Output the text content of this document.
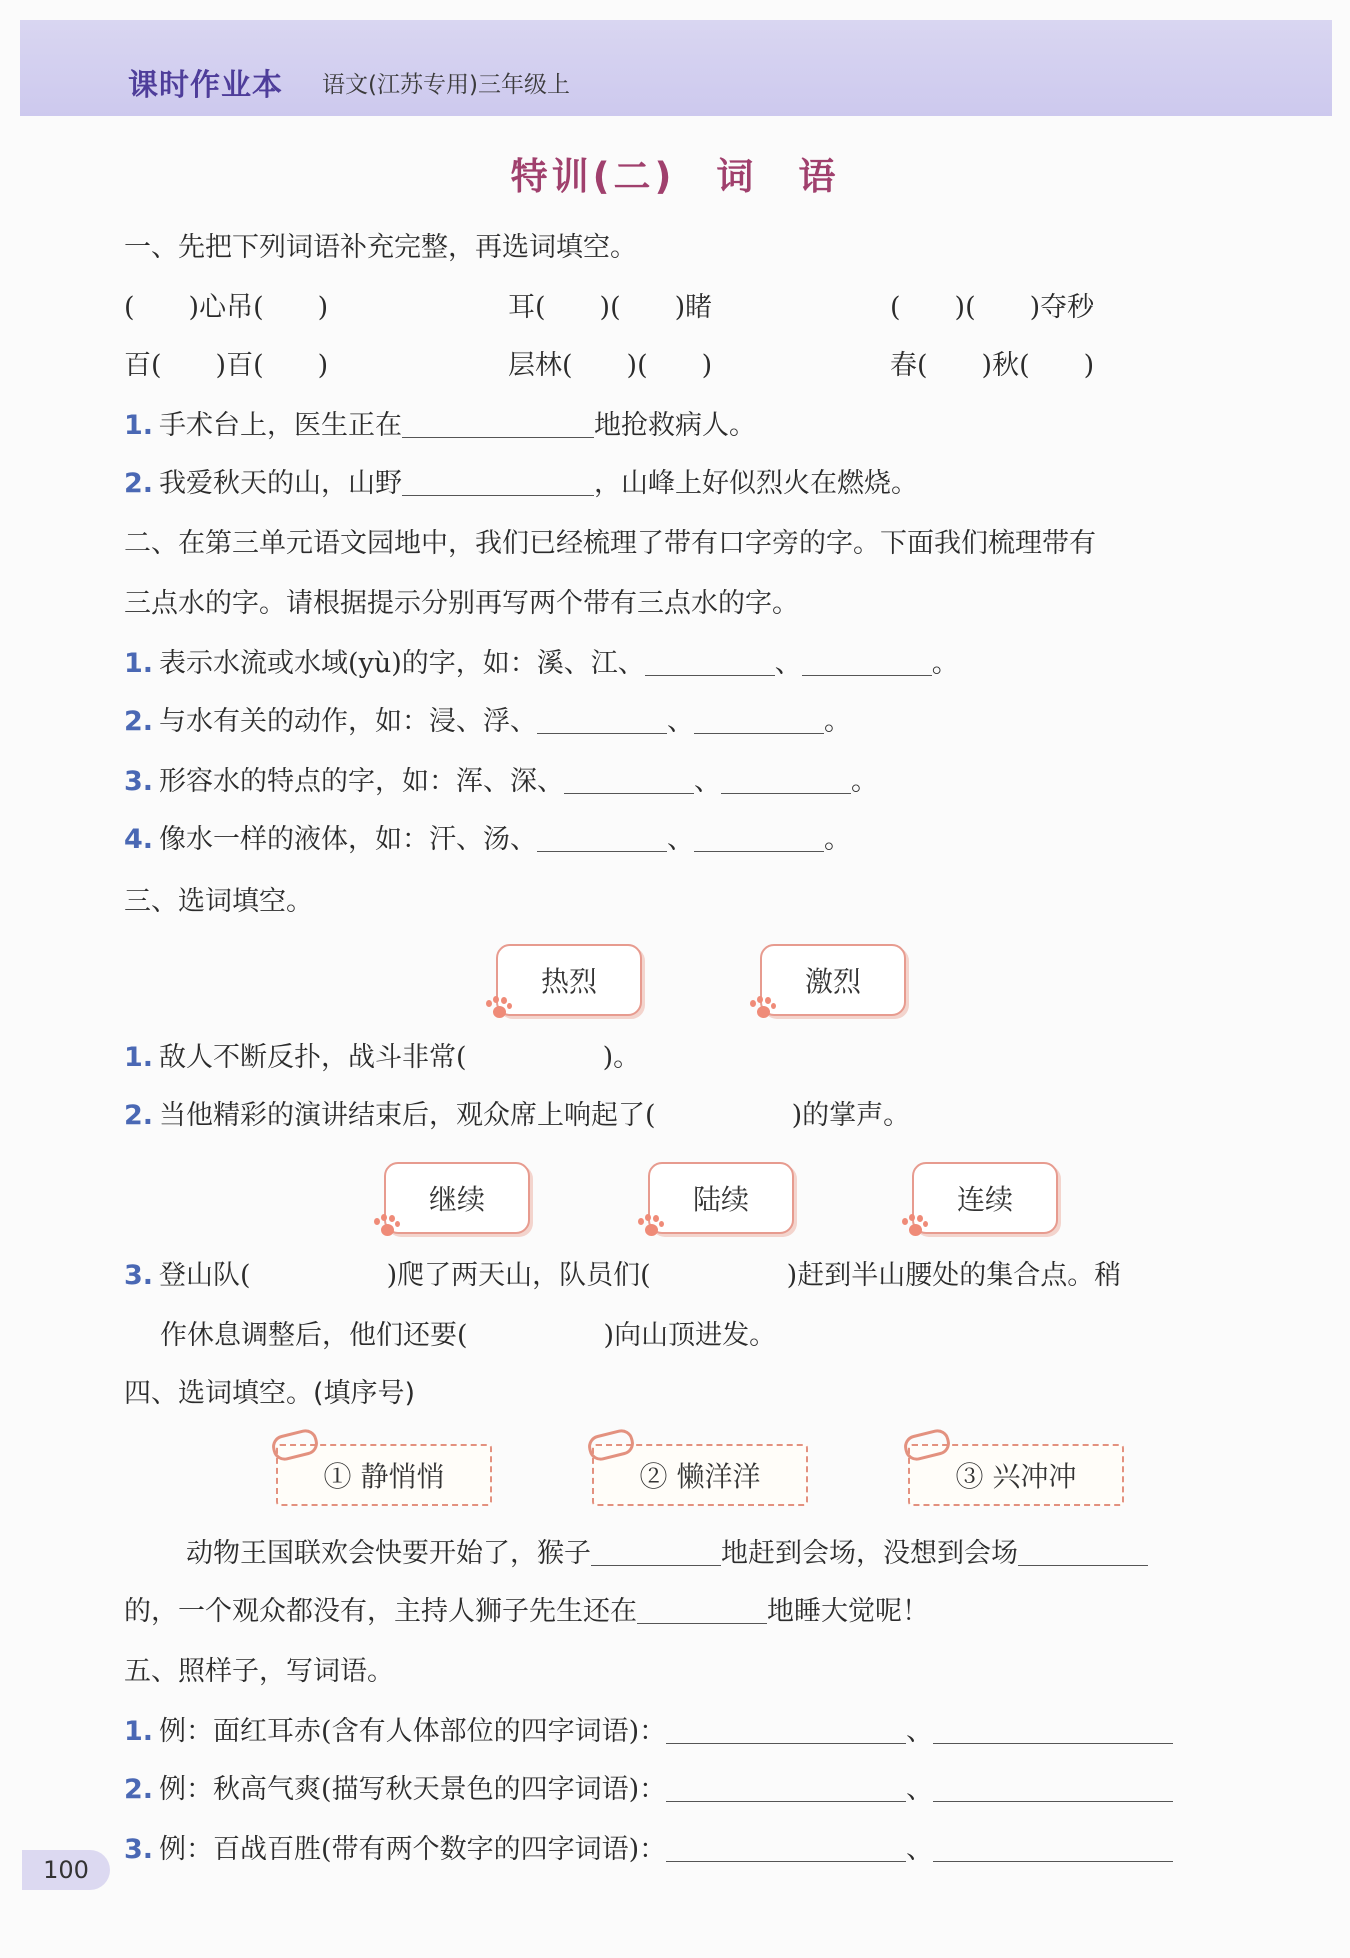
课时作业本 语文(江苏专用)三年级上
特训(二)　词　语
一、先把下列词语补充完整，再选词填空。
(　　)心吊(　　)	耳(　　)(　　)睹	(　　)(　　)夺秒
百(　　)百(　　)	层林(　　)(　　)	春(　　)秋(　　)
1. 手术台上，医生正在	地抢救病人。
2. 我爱秋天的山，山野	，山峰上好似烈火在燃烧。
二、在第三单元语文园地中，我们已经梳理了带有口字旁的字。下面我们梳理带有
三点水的字。请根据提示分别再写两个带有三点水的字。
1. 表示水流或水域(yù)的字，如：溪、江、	、	。
2. 与水有关的动作，如：浸、浮、	、	。
3. 形容水的特点的字，如：浑、深、	、	。
4. 像水一样的液体，如：汗、汤、	、	。
三、选词填空。
热烈	激烈
1. 敌人不断反扑，战斗非常(	)。
2. 当他精彩的演讲结束后，观众席上响起了(	)的掌声。
继续	陆续	连续
3. 登山队(	)爬了两天山，队员们(	)赶到半山腰处的集合点。稍
作休息调整后，他们还要(	)向山顶进发。
四、选词填空。(填序号)
① 静悄悄	② 懒洋洋	③ 兴冲冲
动物王国联欢会快要开始了，猴子	地赶到会场，没想到会场
的，一个观众都没有，主持人狮子先生还在	地睡大觉呢！
五、照样子，写词语。
1. 例：面红耳赤(含有人体部位的四字词语)：	、
2. 例：秋高气爽(描写秋天景色的四字词语)：	、
3. 例：百战百胜(带有两个数字的四字词语)：	、
100
